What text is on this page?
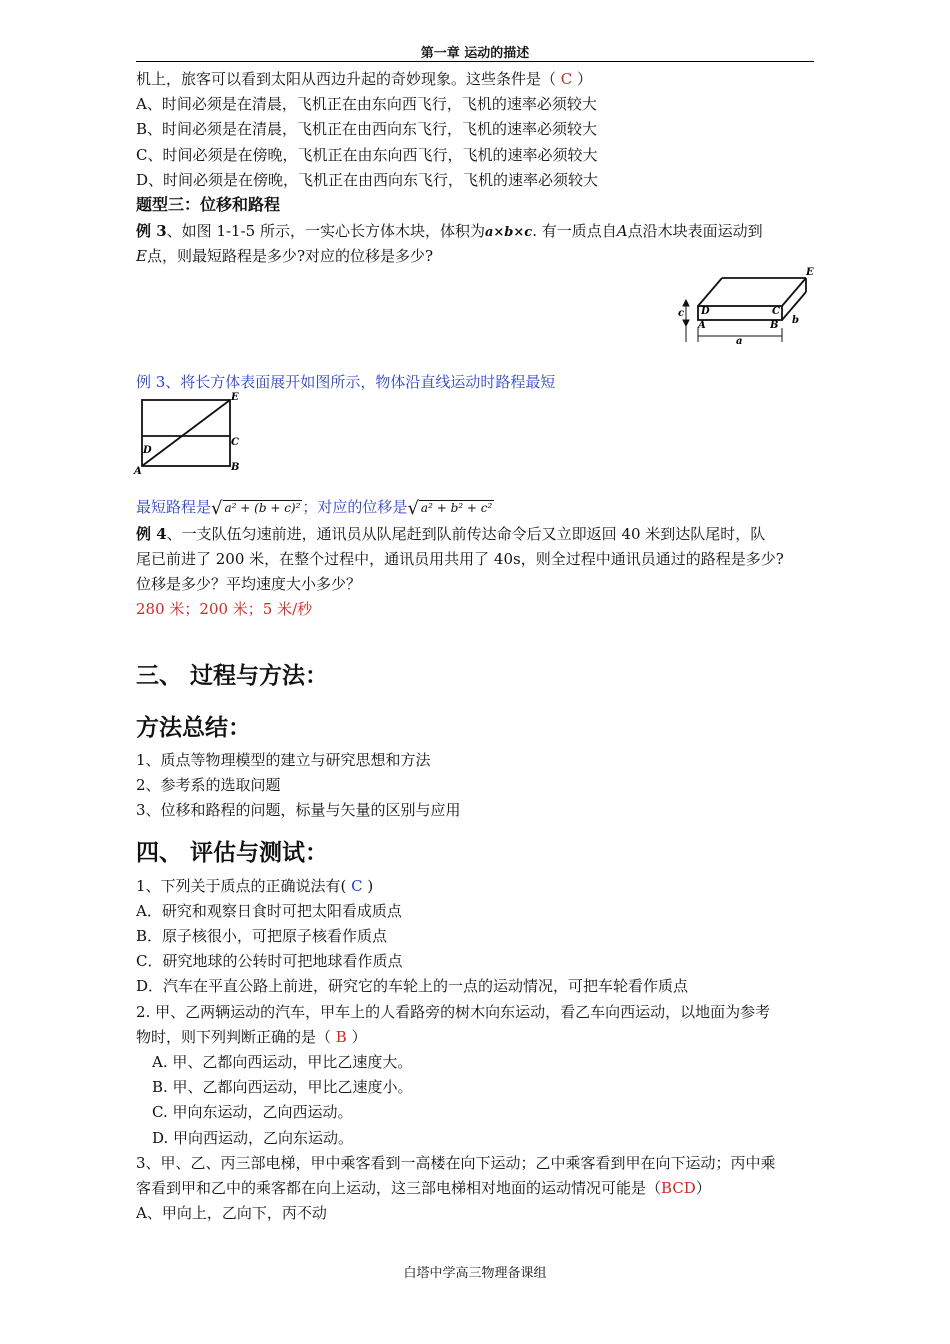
第一章 运动的描述
机上，旅客可以看到太阳从西边升起的奇妙现象。这些条件是（ C ）
A、时间必须是在清晨，飞机正在由东向西飞行，飞机的速率必须较大
B、时间必须是在清晨，飞机正在由西向东飞行，飞机的速率必须较大
C、时间必须是在傍晚，飞机正在由东向西飞行，飞机的速率必须较大
D、时间必须是在傍晚，飞机正在由西向东飞行，飞机的速率必须较大
题型三：位移和路程
例 3、如图 1-1-5 所示，一实心长方体木块，体积为a×b×c. 有一质点自A点沿木块表面运动到
E点，则最短路程是多少?对应的位移是多少?
E
D	C
A	B
c
b
a
例 3、将长方体表面展开如图所示，物体沿直线运动时路程最短
E
C
D
A	B
最短路程是√ a² + (b + c)² ；对应的位移是√ a² + b² + c²
例 4、一支队伍匀速前进，通讯员从队尾赶到队前传达命令后又立即返回 40 米到达队尾时，队
尾已前进了 200 米，在整个过程中，通讯员用共用了 40s，则全过程中通讯员通过的路程是多少?
位移是多少？平均速度大小多少？
280 米；200 米；5 米/秒
三、 过程与方法：
方法总结：
1、质点等物理模型的建立与研究思想和方法
2、参考系的选取问题
3、位移和路程的问题，标量与矢量的区别与应用
四、 评估与测试：
1、下列关于质点的正确说法有( C )
A．研究和观察日食时可把太阳看成质点
B．原子核很小，可把原子核看作质点
C．研究地球的公转时可把地球看作质点
D．汽车在平直公路上前进，研究它的车轮上的一点的运动情况，可把车轮看作质点
2. 甲、乙两辆运动的汽车，甲车上的人看路旁的树木向东运动，看乙车向西运动，以地面为参考
物时，则下列判断正确的是（ B ）
A. 甲、乙都向西运动，甲比乙速度大。
B. 甲、乙都向西运动，甲比乙速度小。
C. 甲向东运动，乙向西运动。
D. 甲向西运动，乙向东运动。
3、甲、乙、丙三部电梯，甲中乘客看到一高楼在向下运动；乙中乘客看到甲在向下运动；丙中乘
客看到甲和乙中的乘客都在向上运动，这三部电梯相对地面的运动情况可能是（BCD）
A、甲向上，乙向下，丙不动
白塔中学高三物理备课组
